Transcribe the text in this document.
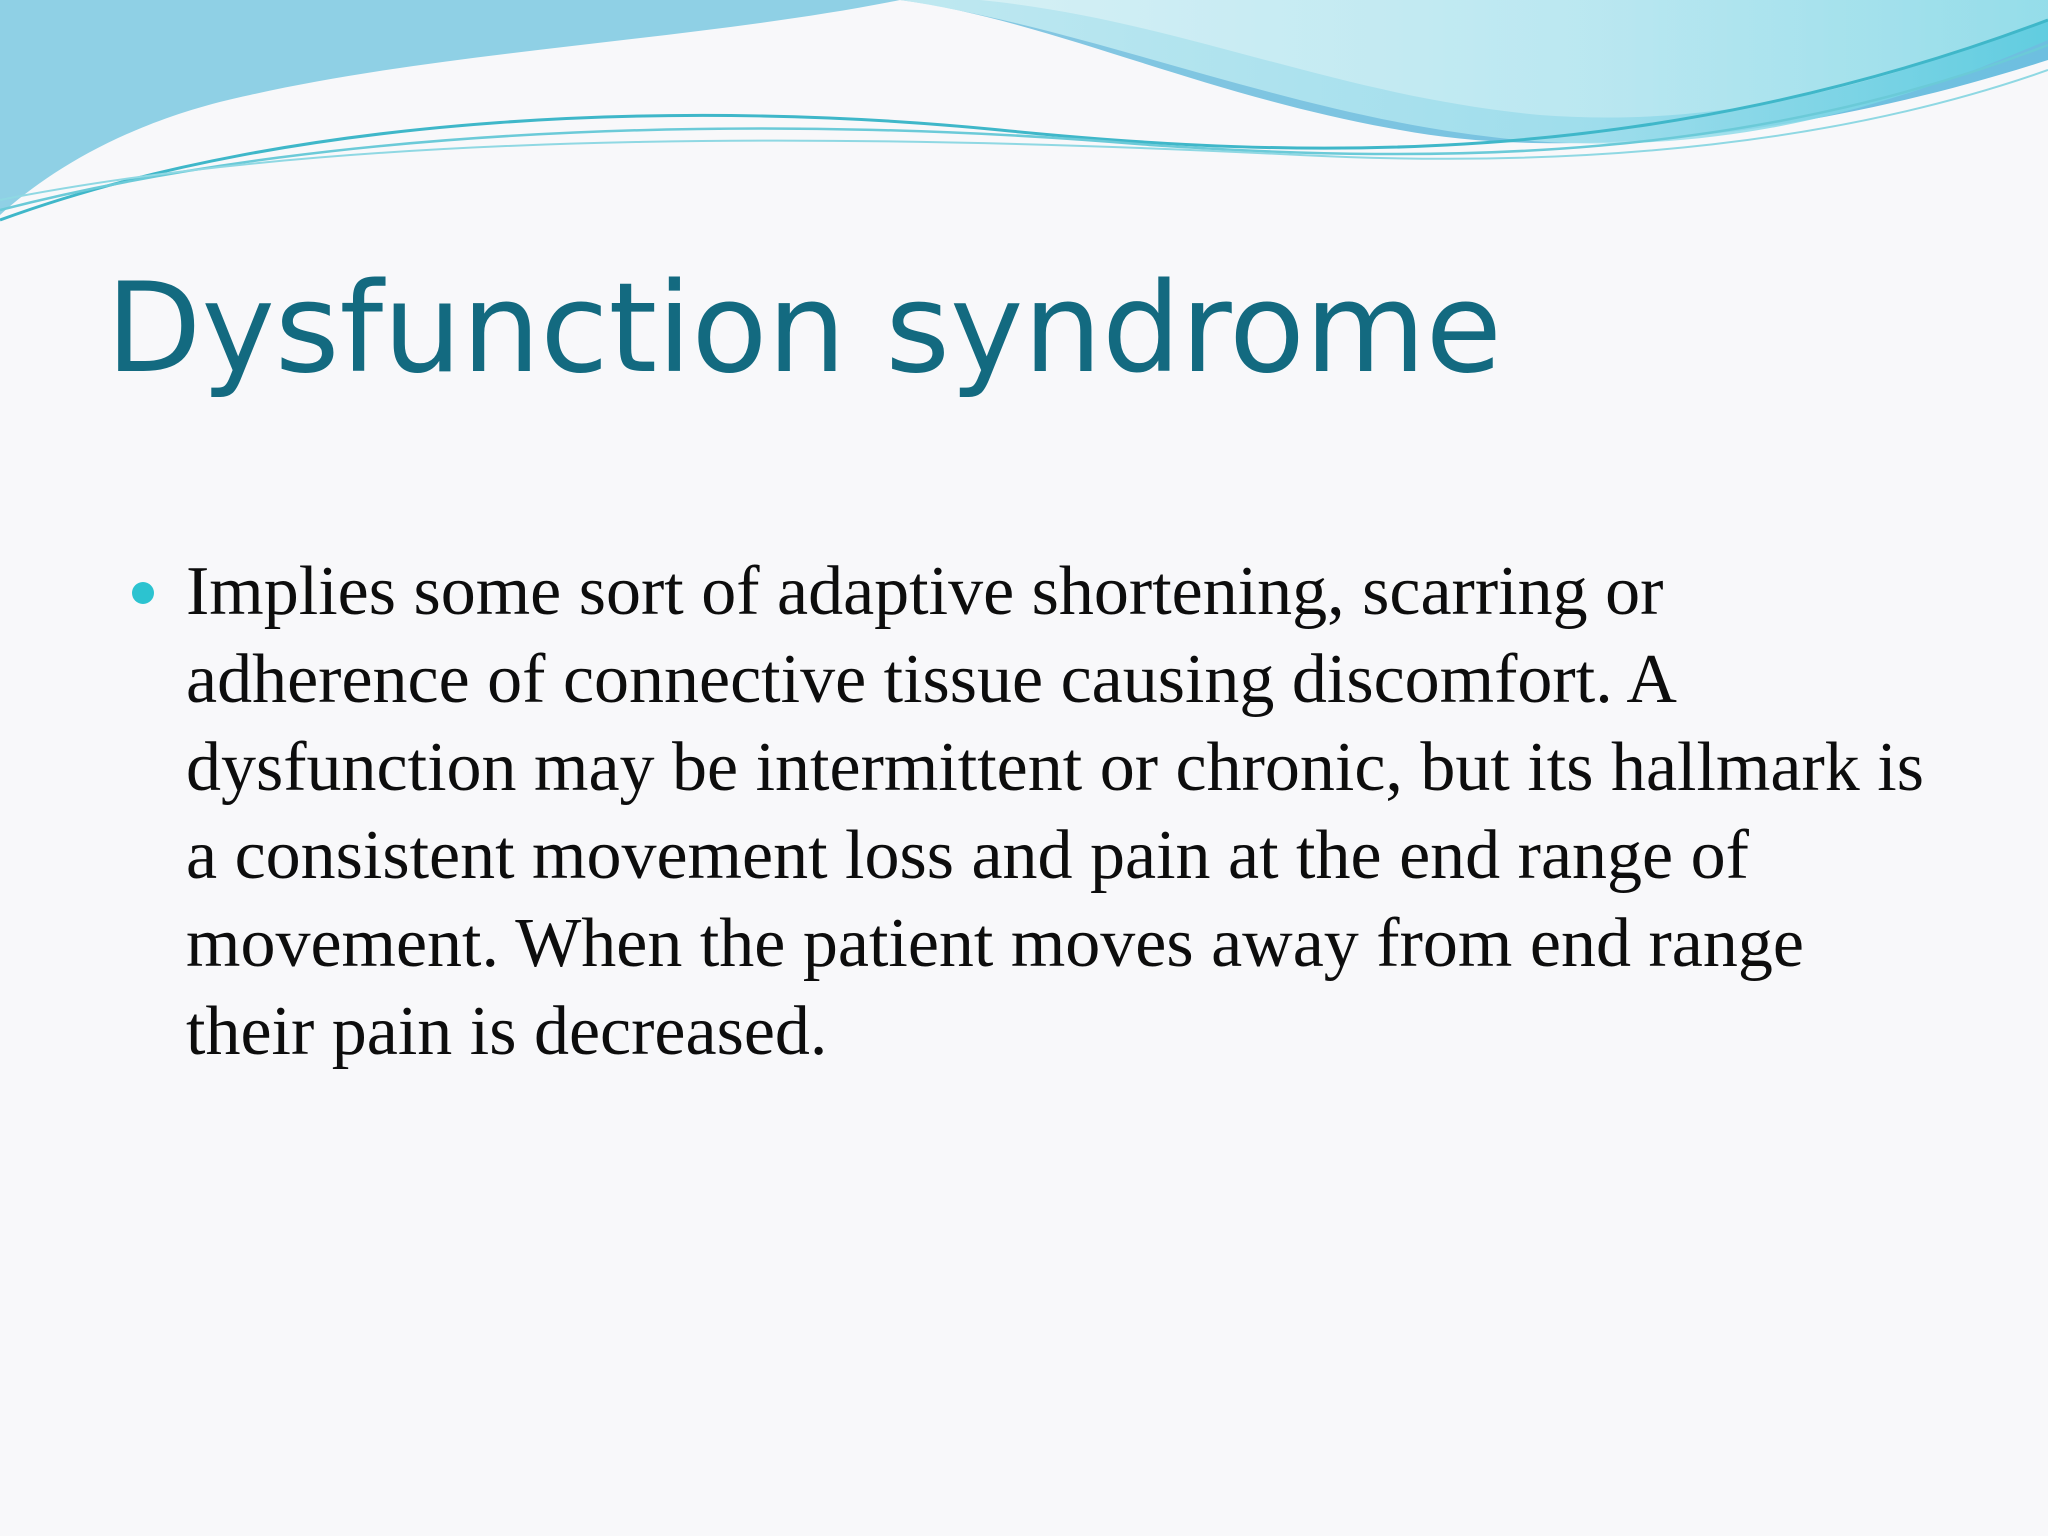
Dysfunction syndrome
Implies some sort of adaptive shortening, scarring or adherence of connective tissue causing discomfort. A dysfunction may be intermittent or chronic, but its hallmark is a consistent movement loss and pain at the end range of movement. When the patient moves away from end range their pain is decreased.
